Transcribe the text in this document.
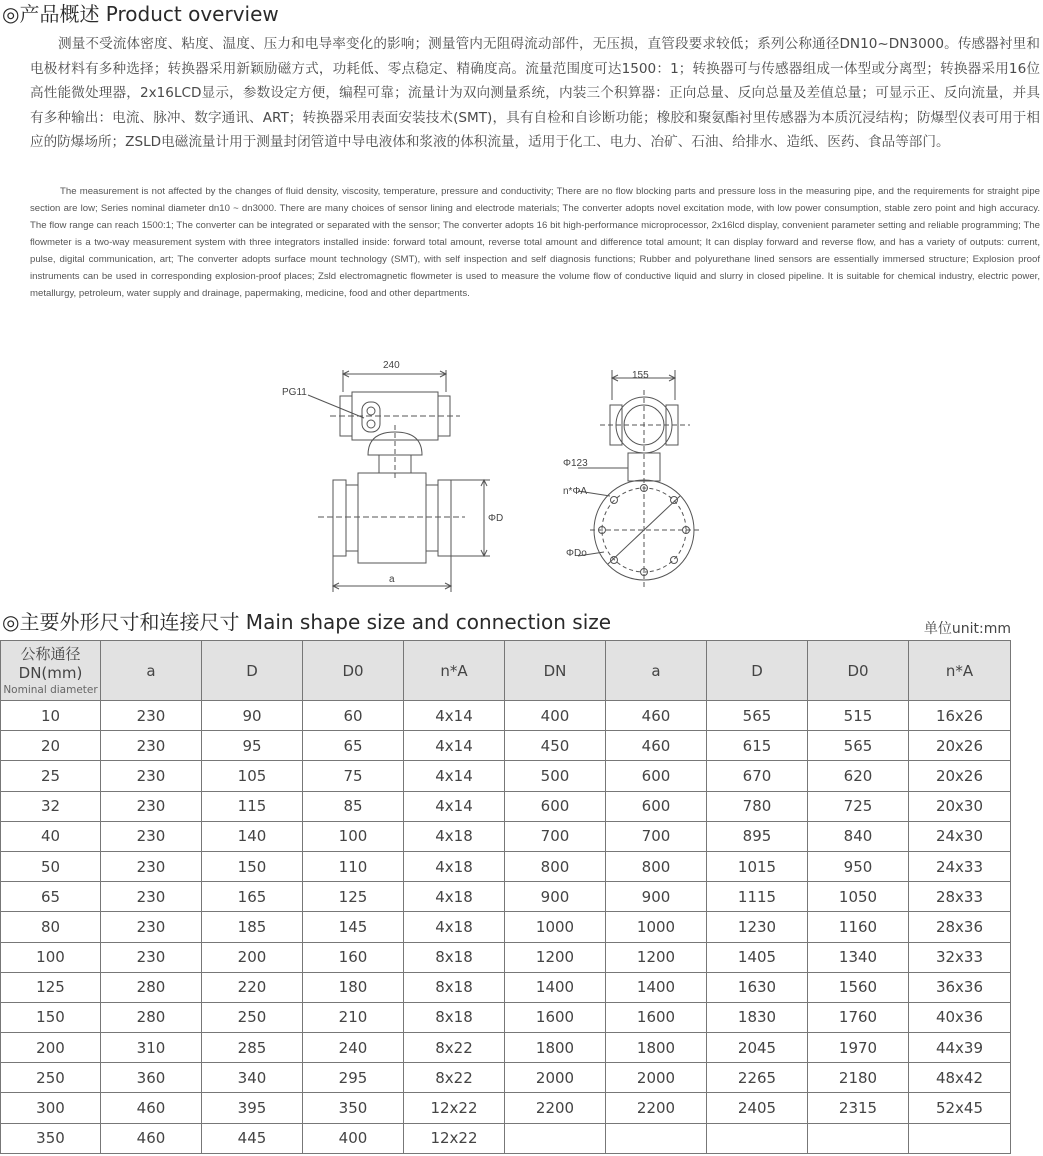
◎产品概述 Product overview
测量不受流体密度、粘度、温度、压力和电导率变化的影响；测量管内无阻碍流动部件，无压损，直管段要求较低；系列公称通径DN10~DN3000。传感器衬里和电极材料有多种选择；转换器采用新颖励磁方式，功耗低、零点稳定、精确度高。流量范围度可达1500：1；转换器可与传感器组成一体型或分离型；转换器采用16位高性能微处理器，2x16LCD显示，参数设定方便，编程可靠；流量计为双向测量系统，内装三个积算器：正向总量、反向总量及差值总量；可显示正、反向流量，并具有多种输出：电流、脉冲、数字通讯、ART；转换器采用表面安装技术(SMT)，具有自检和自诊断功能；橡胶和聚氨酯衬里传感器为本质沉浸结构；防爆型仪表可用于相应的防爆场所；ZSLD电磁流量计用于测量封闭管道中导电液体和浆液的体积流量，适用于化工、电力、冶矿、石油、给排水、造纸、医药、食品等部门。
The measurement is not affected by the changes of fluid density, viscosity, temperature, pressure and conductivity; There are no flow blocking parts and pressure loss in the measuring pipe, and the requirements for straight pipe section are low; Series nominal diameter dn10 ~ dn3000. There are many choices of sensor lining and electrode materials; The converter adopts novel excitation mode, with low power consumption, stable zero point and high accuracy. The flow range can reach 1500:1; The converter can be integrated or separated with the sensor; The converter adopts 16 bit high-performance microprocessor, 2x16lcd display, convenient parameter setting and reliable programming; The flowmeter is a two-way measurement system with three integrators installed inside: forward total amount, reverse total amount and difference total amount; It can display forward and reverse flow, and has a variety of outputs: current, pulse, digital communication, art; The converter adopts surface mount technology (SMT), with self inspection and self diagnosis functions; Rubber and polyurethane lined sensors are essentially immersed structure; Explosion proof instruments can be used in corresponding explosion-proof places; Zsld electromagnetic flowmeter is used to measure the volume flow of conductive liquid and slurry in closed pipeline. It is suitable for chemical industry, electric power, metallurgy, petroleum, water supply and drainage, papermaking, medicine, food and other departments.
240
PG11
ΦD
a
155
Φ123
n*ΦA
ΦDo
◎主要外形尺寸和连接尺寸 Main shape size and connection size	单位unit:mm
公称通径
DN(mm)
Nominal diameter	a	D	D0	n*A	DN	a	D	D0	n*A
10	230	90	60	4x14	400	460	565	515	16x26
20	230	95	65	4x14	450	460	615	565	20x26
25	230	105	75	4x14	500	600	670	620	20x26
32	230	115	85	4x14	600	600	780	725	20x30
40	230	140	100	4x18	700	700	895	840	24x30
50	230	150	110	4x18	800	800	1015	950	24x33
65	230	165	125	4x18	900	900	1115	1050	28x33
80	230	185	145	4x18	1000	1000	1230	1160	28x36
100	230	200	160	8x18	1200	1200	1405	1340	32x33
125	280	220	180	8x18	1400	1400	1630	1560	36x36
150	280	250	210	8x18	1600	1600	1830	1760	40x36
200	310	285	240	8x22	1800	1800	2045	1970	44x39
250	360	340	295	8x22	2000	2000	2265	2180	48x42
300	460	395	350	12x22	2200	2200	2405	2315	52x45
350	460	445	400	12x22					
